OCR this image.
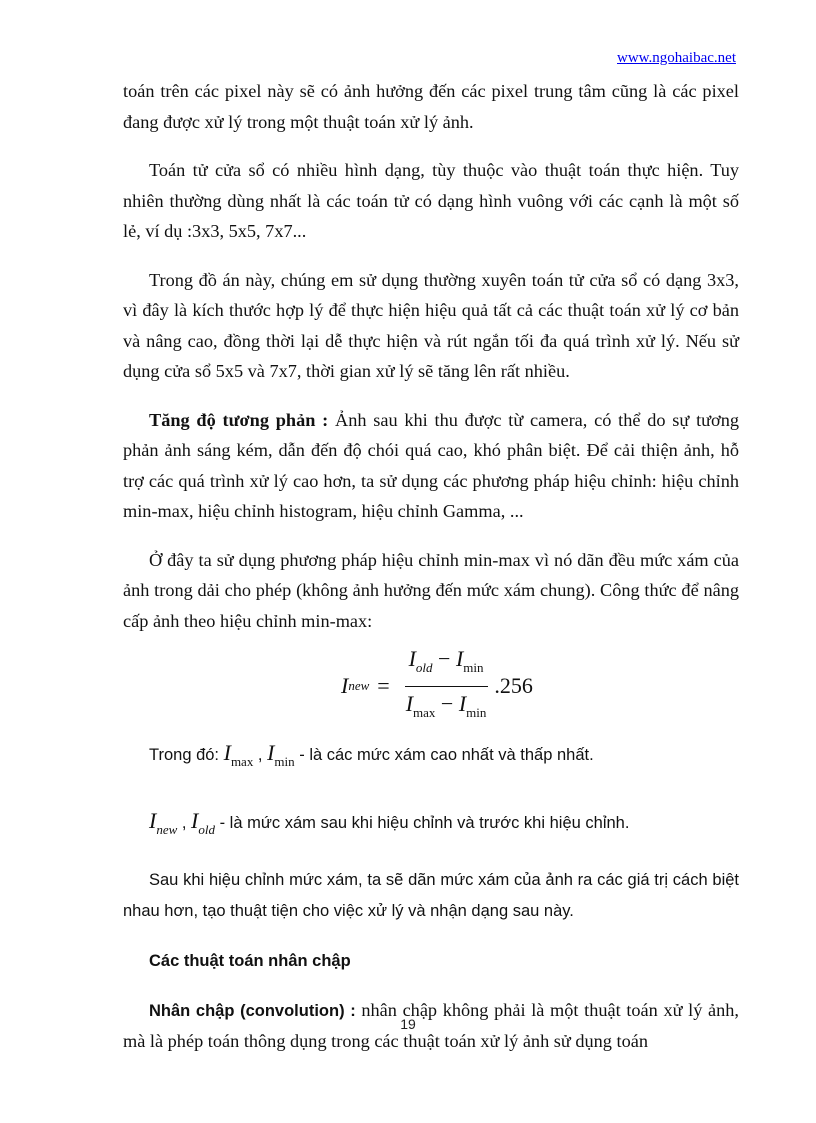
www.ngohaibac.net

toán trên các pixel này sẽ có ảnh hưởng đến các pixel trung tâm cũng là các pixel đang được xử lý trong một thuật toán xử lý ảnh.

Toán tử cửa sổ có nhiều hình dạng, tùy thuộc vào thuật toán thực hiện. Tuy nhiên thường dùng nhất là các toán tử có dạng hình vuông với các cạnh là một số lẻ, ví dụ :3x3, 5x5, 7x7...

Trong đồ án này, chúng em sử dụng thường xuyên toán tử cửa sổ có dạng 3x3, vì đây là kích thước hợp lý để thực hiện hiệu quả tất cả các thuật toán xử lý cơ bản và nâng cao, đồng thời lại dễ thực hiện và rút ngắn tối đa quá trình xử lý. Nếu sử dụng cửa sổ 5x5 và 7x7, thời gian xử lý sẽ tăng lên rất nhiều.

Tăng độ tương phản : Ảnh sau khi thu được từ camera, có thể do sự tương phản ảnh sáng kém, dẫn đến độ chói quá cao, khó phân biệt. Để cải thiện ảnh, hỗ trợ các quá trình xử lý cao hơn, ta sử dụng các phương pháp hiệu chỉnh: hiệu chỉnh min-max, hiệu chỉnh histogram, hiệu chỉnh Gamma, ...

Ở đây ta sử dụng phương pháp hiệu chỉnh min-max vì nó dãn đều mức xám của ảnh trong dải cho phép (không ảnh hưởng đến mức xám chung). Công thức để nâng cấp ảnh theo hiệu chỉnh min-max:

I new = $\frac{I_{old} - I_{min}}{I_{max} - I_{min}} .256$

Trong đó: $I_{max}$ , $I_{min}$ - là các mức xám cao nhất và thấp nhất.

$I_{new}$ , $I_{old}$ - là mức xám sau khi hiệu chỉnh và trước khi hiệu chỉnh.

Sau khi hiệu chỉnh mức xám, ta sẽ dãn mức xám của ảnh ra các giá trị cách biệt nhau hơn, tạo thuật tiện cho việc xử lý và nhận dạng sau này.

Các thuật toán nhân chập

Nhân chập (convolution) : nhân chập không phải là một thuật toán xử lý ảnh, mà là phép toán thông dụng trong các thuật toán xử lý ảnh sử dụng toán

19
